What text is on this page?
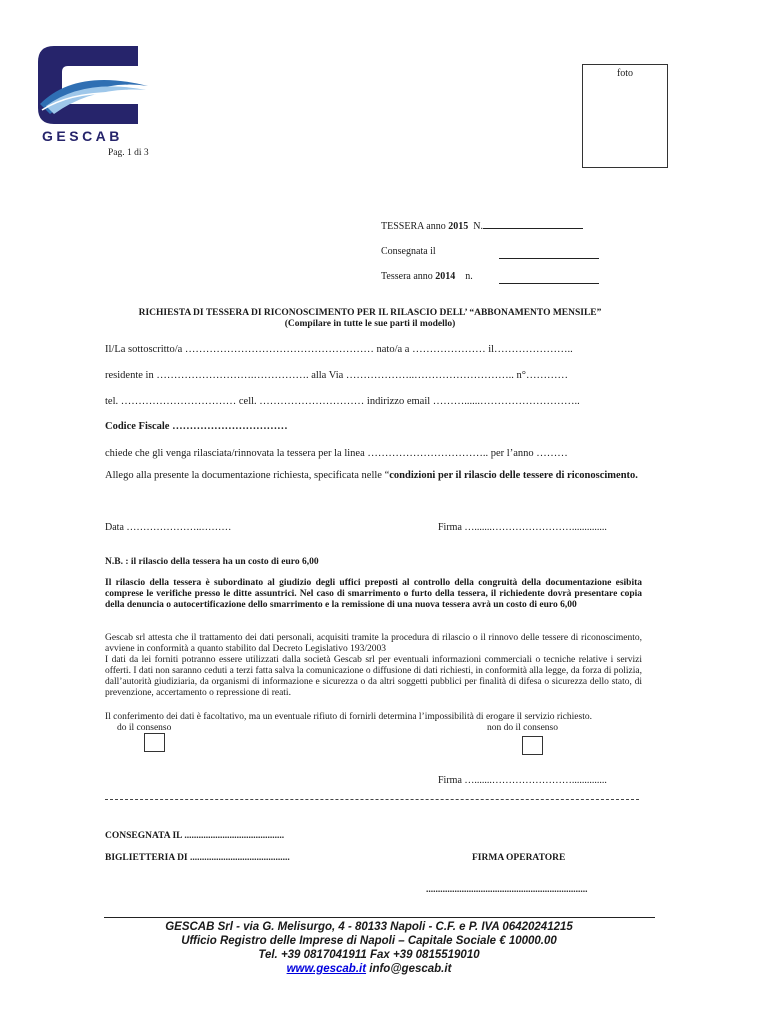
GESCAB
Pag. 1 di 3
foto
TESSERA anno 2015 N.
Consegnata il
Tessera anno 2014 n.
RICHIESTA DI TESSERA DI RICONOSCIMENTO PER IL RILASCIO DELL’ “ABBONAMENTO MENSILE”
(Compilare in tutte le sue parti il modello)
Il/La sottoscritto/a ……………………………………………… nato/a a ………………… il…………………..
residente in ……………………….……………. alla Via ………………..……………………….. n°…………
tel. …………………………… cell. ………………………… indirizzo email ………......………………………..
Codice Fiscale ……………………………
chiede che gli venga rilasciata/rinnovata la tessera per la linea …………………………….. per l’anno ………
Allego alla presente la documentazione richiesta, specificata nelle “condizioni per il rilascio delle tessere di riconoscimento.
Data …………………..………	Firma ….......……………………..............
N.B. : il rilascio della tessera ha un costo di euro 6,00
Il rilascio della tessera è subordinato al giudizio degli uffici preposti al controllo della congruità della documentazione esibita comprese le verifiche presso le ditte assuntrici. Nel caso di smarrimento o furto della tessera, il richiedente dovrà presentare copia della denuncia o autocertificazione dello smarrimento e la remissione di una nuova tessera avrà un costo di euro 6,00
Gescab srl attesta che il trattamento dei dati personali, acquisiti tramite la procedura di rilascio o il rinnovo delle tessere di riconoscimento, avviene in conformità a quanto stabilito dal Decreto Legislativo 193/2003
I dati da lei forniti potranno essere utilizzati dalla società Gescab srl per eventuali informazioni commerciali o tecniche relative i servizi offerti. I dati non saranno ceduti a terzi fatta salva la comunicazione o diffusione di dati richiesti, in conformità alla legge, da forza di polizia, dall’autorità giudiziaria, da organismi di informazione e sicurezza o da altri soggetti pubblici per finalità di difesa o sicurezza dello stato, di prevenzione, accertamento o repressione di reati.
Il conferimento dei dati è facoltativo, ma un eventuale rifiuto di fornirli determina l’impossibilità di erogare il servizio richiesto.
do il consenso	non do il consenso
Firma ….......……………………..............
CONSEGNATA IL ..........................................
BIGLIETTERIA DI ..........................................	FIRMA OPERATORE
....................................................................
GESCAB Srl - via G. Melisurgo, 4 - 80133 Napoli - C.F. e P. IVA 06420241215
Ufficio Registro delle Imprese di Napoli – Capitale Sociale € 10000.00
Tel. +39 0817041911 Fax +39 0815519010
www.gescab.it info@gescab.it
